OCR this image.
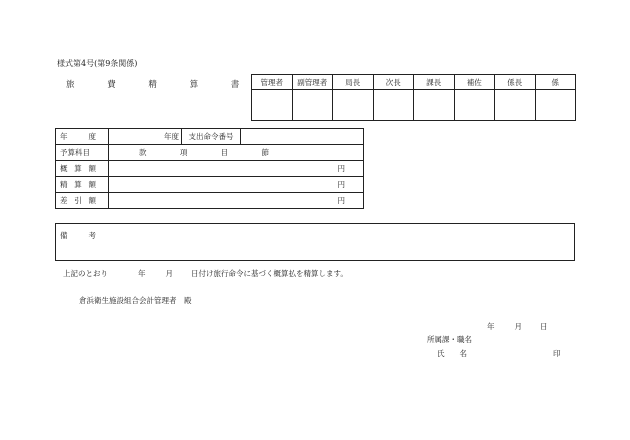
様式第4号(第9条関係)
旅 費 精 算 書 管理者	副管理者	局長	次長	課長	補佐	係長	係

年 度	年度	支出命令番号	
予算科目	款 項 目 節		

概 算 額	円		

精 算 額	円		

差 引 額	円		
備	考
上記のとおり	年	月 日付け旅行命令に基づく概算払を精算します。
倉浜衛生施設組合会計管理者　殿
年	月 日
所属課・職名
氏　　名	印
